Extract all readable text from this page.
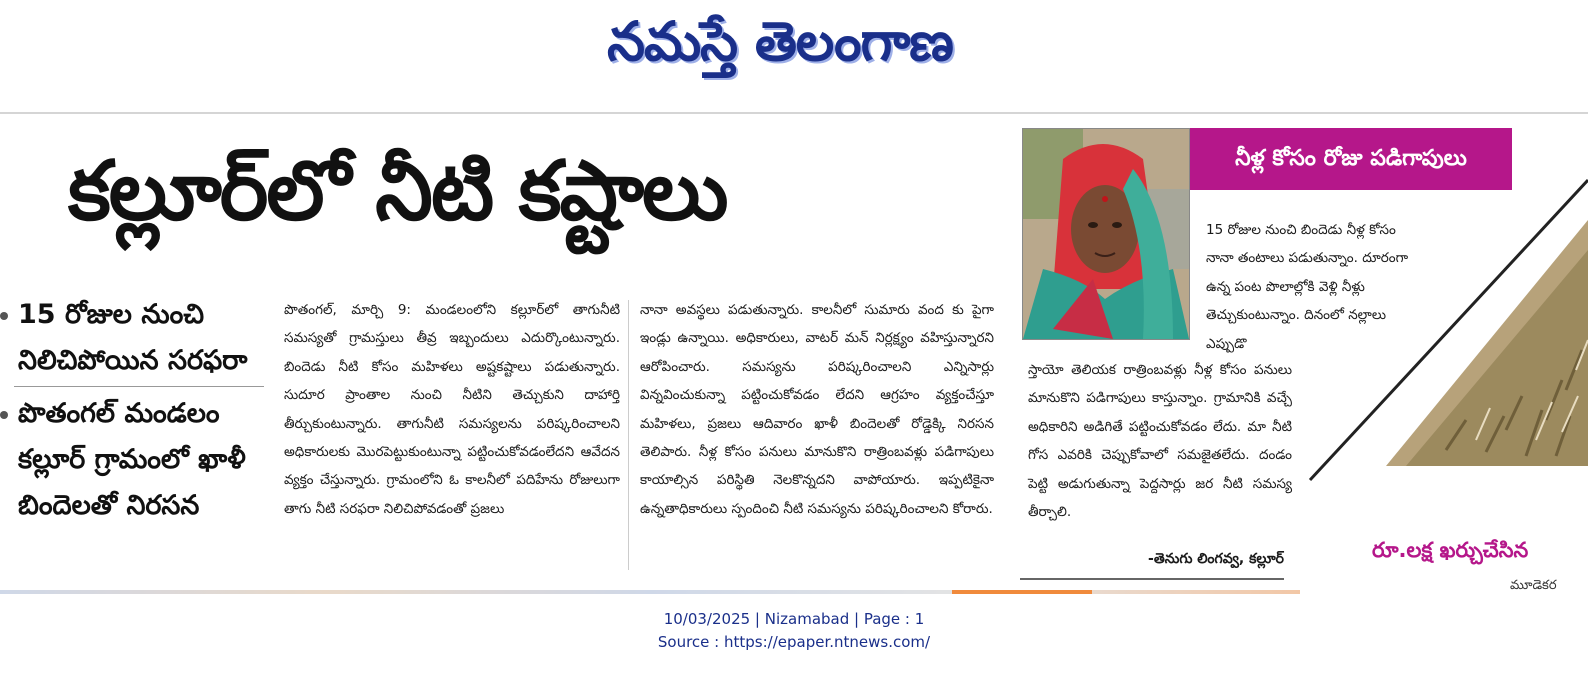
నమస్తే తెలంగాణ
కల్లూర్‌లో నీటి కష్టాలు
15 రోజుల నుంచి నిలిచిపోయిన సరఫరా
పొతంగల్ మండలం కల్లూర్ గ్రామంలో ఖాళీ బిందెలతో నిరసన
పొతంగల్, మార్చి 9: మండలంలోని కల్లూర్‌లో తాగునీటి సమస్యతో గ్రామస్తులు తీవ్ర ఇబ్బందులు ఎదుర్కొంటున్నారు. బిందెడు నీటి కోసం మహిళలు అష్టకష్టాలు పడుతున్నారు. సుదూర ప్రాంతాల నుంచి నీటిని తెచ్చుకుని దాహార్తి తీర్చుకుంటున్నారు. తాగునీటి సమస్యలను పరిష్కరించాలని అధికారులకు మొరపెట్టుకుంటున్నా పట్టించుకోవడంలేదని ఆవేదన వ్యక్తం చేస్తున్నారు. గ్రామంలోని ఓ కాలనీలో పదిహేను రోజులుగా తాగు నీటి సరఫరా నిలిచిపోవడంతో ప్రజలు
నానా అవస్థలు పడుతున్నారు. కాలనీలో సుమారు వంద కు పైగా ఇండ్లు ఉన్నాయి. అధికారులు, వాటర్ మన్ నిర్లక్ష్యం వహిస్తున్నారని ఆరోపించారు. సమస్యను పరిష్కరించాలని ఎన్నిసార్లు విన్నవించుకున్నా పట్టించుకోవడం లేదని ఆగ్రహం వ్యక్తంచేస్తూ మహిళలు, ప్రజలు ఆదివారం ఖాళీ బిందెలతో రోడ్డెక్కి నిరసన తెలిపారు. నీళ్ల కోసం పనులు మానుకొని రాత్రింబవళ్లు పడిగాపులు కాయాల్సిన పరిస్థితి నెలకొన్నదని వాపోయారు. ఇప్పటికైనా ఉన్నతాధికారులు స్పందించి నీటి సమస్యను పరిష్కరించాలని కోరారు.
నీళ్ల కోసం రోజు పడిగాపులు
15 రోజుల నుంచి బిందెడు నీళ్ల కోసం నానా తంటాలు పడుతున్నాం. దూరంగా ఉన్న పంట పొలాల్లోకి వెళ్లి నీళ్లు తెచ్చుకుంటున్నాం. దినంలో నల్లాలు ఎప్పుడొ
స్తాయో తెలియక రాత్రింబవళ్లు నీళ్ల కోసం పనులు మానుకొని పడిగాపులు కాస్తున్నాం. గ్రామానికి వచ్చే అధికారిని అడిగితే పట్టించుకోవడం లేదు. మా నీటి గోస ఎవరికి చెప్పుకోవాలో సమజైతలేదు. దండం పెట్టి అడుగుతున్నా పెద్దసార్లు జర నీటి సమస్య తీర్చాలి.
-తెనుగు లింగవ్వ, కల్లూర్	రూ.లక్ష ఖర్చుచేసిన
మూడెకర
10/03/2025 | Nizamabad | Page : 1
Source : https://epaper.ntnews.com/
